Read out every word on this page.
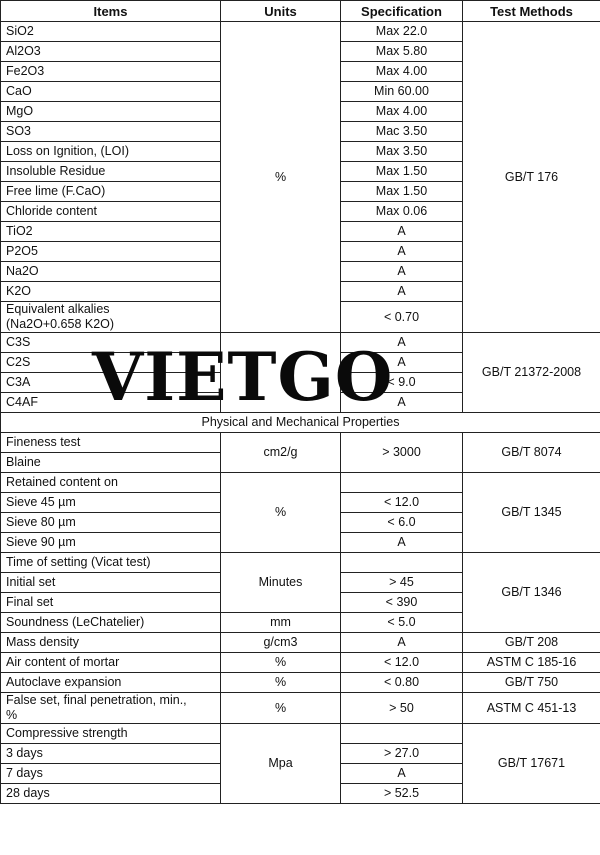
Items	Units	Specification	Test Methods
SiO2	%	Max 22.0	GB/T 176
Al2O3		Max 5.80	
Fe2O3		Max 4.00	
CaO		Min 60.00	
MgO		Max 4.00	
SO3		Mac 3.50	
Loss on Ignition, (LOI)		Max 3.50	
Insoluble Residue		Max 1.50	
Free lime (F.CaO)		Max 1.50	
Chloride content		Max 0.06	
TiO2		A	
P2O5		A	
Na2O		A	
K2O		A	
Equivalent alkalies
(Na2O+0.658 K2O)		< 0.70	
C3S		A	GB/T 21372-2008
C2S		A	
C3A		< 9.0	
C4AF		A	
Physical and Mechanical Properties			
Fineness test	cm2/g	> 3000	GB/T 8074
Blaine			
Retained content on	%		GB/T 1345
Sieve 45 µm		< 12.0	
Sieve 80 µm		< 6.0	
Sieve 90 µm		A	
Time of setting (Vicat test)	Minutes		GB/T 1346
Initial set		> 45	
Final set		< 390	
Soundness (LeChatelier)	mm	< 5.0	
Mass density	g/cm3	A	GB/T 208
Air content of mortar	%	< 12.0	ASTM C 185-16
Autoclave expansion	%	< 0.80	GB/T 750
False set, final penetration, min.,
%	%	> 50	ASTM C 451-13
Compressive strength	Mpa		GB/T 17671
3 days		> 27.0	
7 days		A	
28 days		> 52.5	
VIETGO
